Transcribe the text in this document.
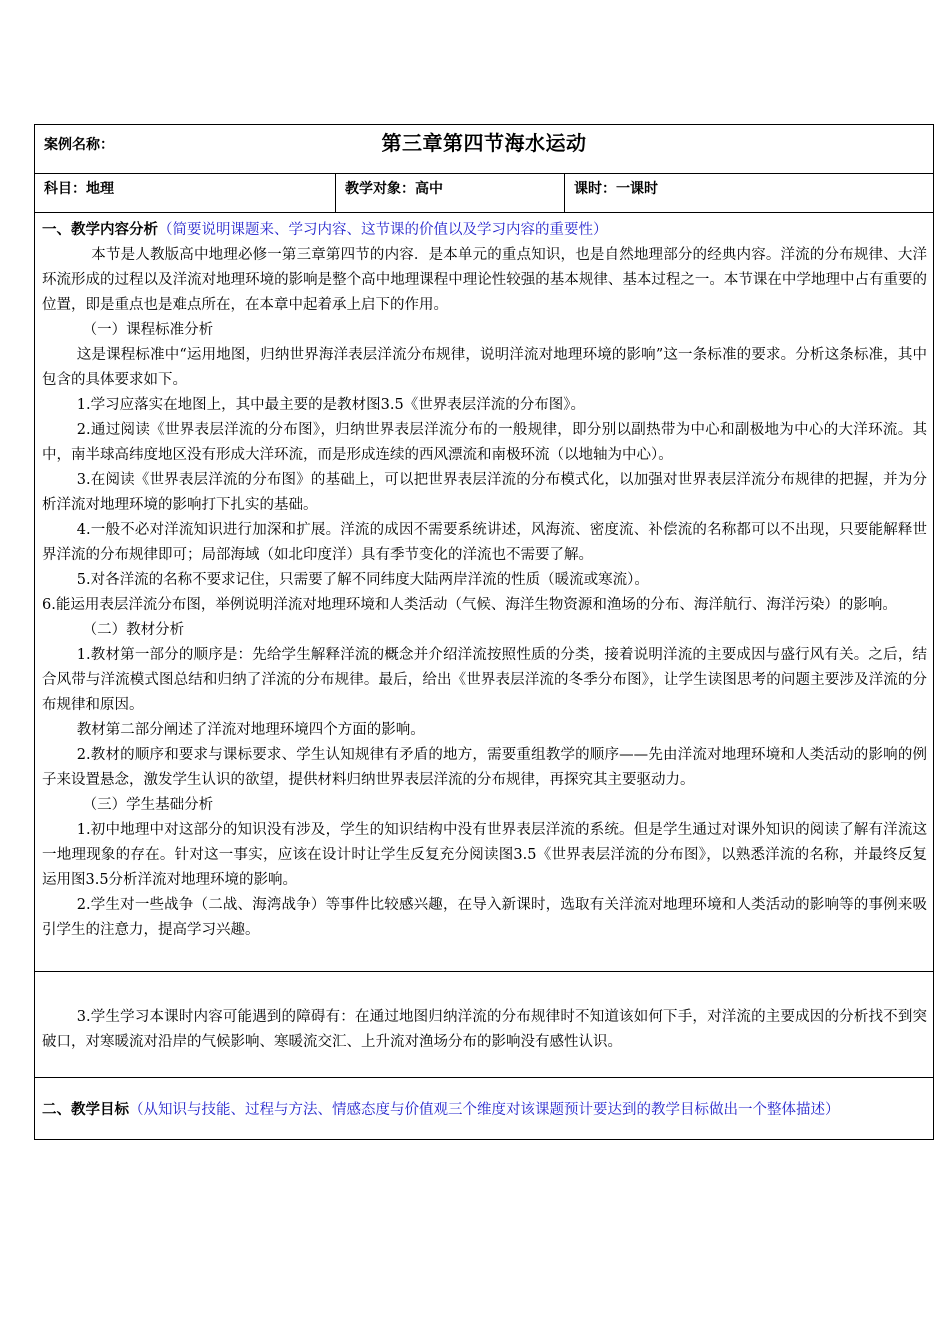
案例名称：	第三章第四节海水运动

科目：地理	教学对象：高中	课时：一课时

一、教学内容分析（简要说明课题来、学习内容、这节课的价值以及学习内容的重要性）

本节是人教版高中地理必修一第三章第四节的内容．是本单元的重点知识，也是自然地理部分的经典内容。洋流的分布规律、大洋环流形成的过程以及洋流对地理环境的影响是整个高中地理课程中理论性较强的基本规律、基本过程之一。本节课在中学地理中占有重要的位置，即是重点也是难点所在，在本章中起着承上启下的作用。

（一）课程标准分析

这是课程标准中“运用地图，归纳世界海洋表层洋流分布规律，说明洋流对地理环境的影响”这一条标准的要求。分析这条标准，其中包含的具体要求如下。

1.学习应落实在地图上，其中最主要的是教材图3.5《世界表层洋流的分布图》。

2.通过阅读《世界表层洋流的分布图》，归纳世界表层洋流分布的一般规律，即分别以副热带为中心和副极地为中心的大洋环流。其中，南半球高纬度地区没有形成大洋环流，而是形成连续的西风漂流和南极环流（以地轴为中心）。

3.在阅读《世界表层洋流的分布图》的基础上，可以把世界表层洋流的分布模式化，以加强对世界表层洋流分布规律的把握，并为分析洋流对地理环境的影响打下扎实的基础。

4.一般不必对洋流知识进行加深和扩展。洋流的成因不需要系统讲述，风海流、密度流、补偿流的名称都可以不出现，只要能解释世界洋流的分布规律即可；局部海域（如北印度洋）具有季节变化的洋流也不需要了解。

5.对各洋流的名称不要求记住，只需要了解不同纬度大陆两岸洋流的性质（暖流或寒流）。

6.能运用表层洋流分布图，举例说明洋流对地理环境和人类活动（气候、海洋生物资源和渔场的分布、海洋航行、海洋污染）的影响。

（二）教材分析

1.教材第一部分的顺序是：先给学生解释洋流的概念并介绍洋流按照性质的分类，接着说明洋流的主要成因与盛行风有关。之后，结合风带与洋流模式图总结和归纳了洋流的分布规律。最后，给出《世界表层洋流的冬季分布图》，让学生读图思考的问题主要涉及洋流的分布规律和原因。

教材第二部分阐述了洋流对地理环境四个方面的影响。

2.教材的顺序和要求与课标要求、学生认知规律有矛盾的地方，需要重组教学的顺序——先由洋流对地理环境和人类活动的影响的例子来设置悬念，激发学生认识的欲望，提供材料归纳世界表层洋流的分布规律，再探究其主要驱动力。

（三）学生基础分析

1.初中地理中对这部分的知识没有涉及，学生的知识结构中没有世界表层洋流的系统。但是学生通过对课外知识的阅读了解有洋流这一地理现象的存在。针对这一事实，应该在设计时让学生反复充分阅读图3.5《世界表层洋流的分布图》，以熟悉洋流的名称，并最终反复运用图3.5分析洋流对地理环境的影响。

2.学生对一些战争（二战、海湾战争）等事件比较感兴趣，在导入新课时，选取有关洋流对地理环境和人类活动的影响等的事例来吸引学生的注意力，提高学习兴趣。

3.学生学习本课时内容可能遇到的障碍有：在通过地图归纳洋流的分布规律时不知道该如何下手，对洋流的主要成因的分析找不到突破口，对寒暖流对沿岸的气候影响、寒暖流交汇、上升流对渔场分布的影响没有感性认识。

二、教学目标（从知识与技能、过程与方法、情感态度与价值观三个维度对该课题预计要达到的教学目标做出一个整体描述）
